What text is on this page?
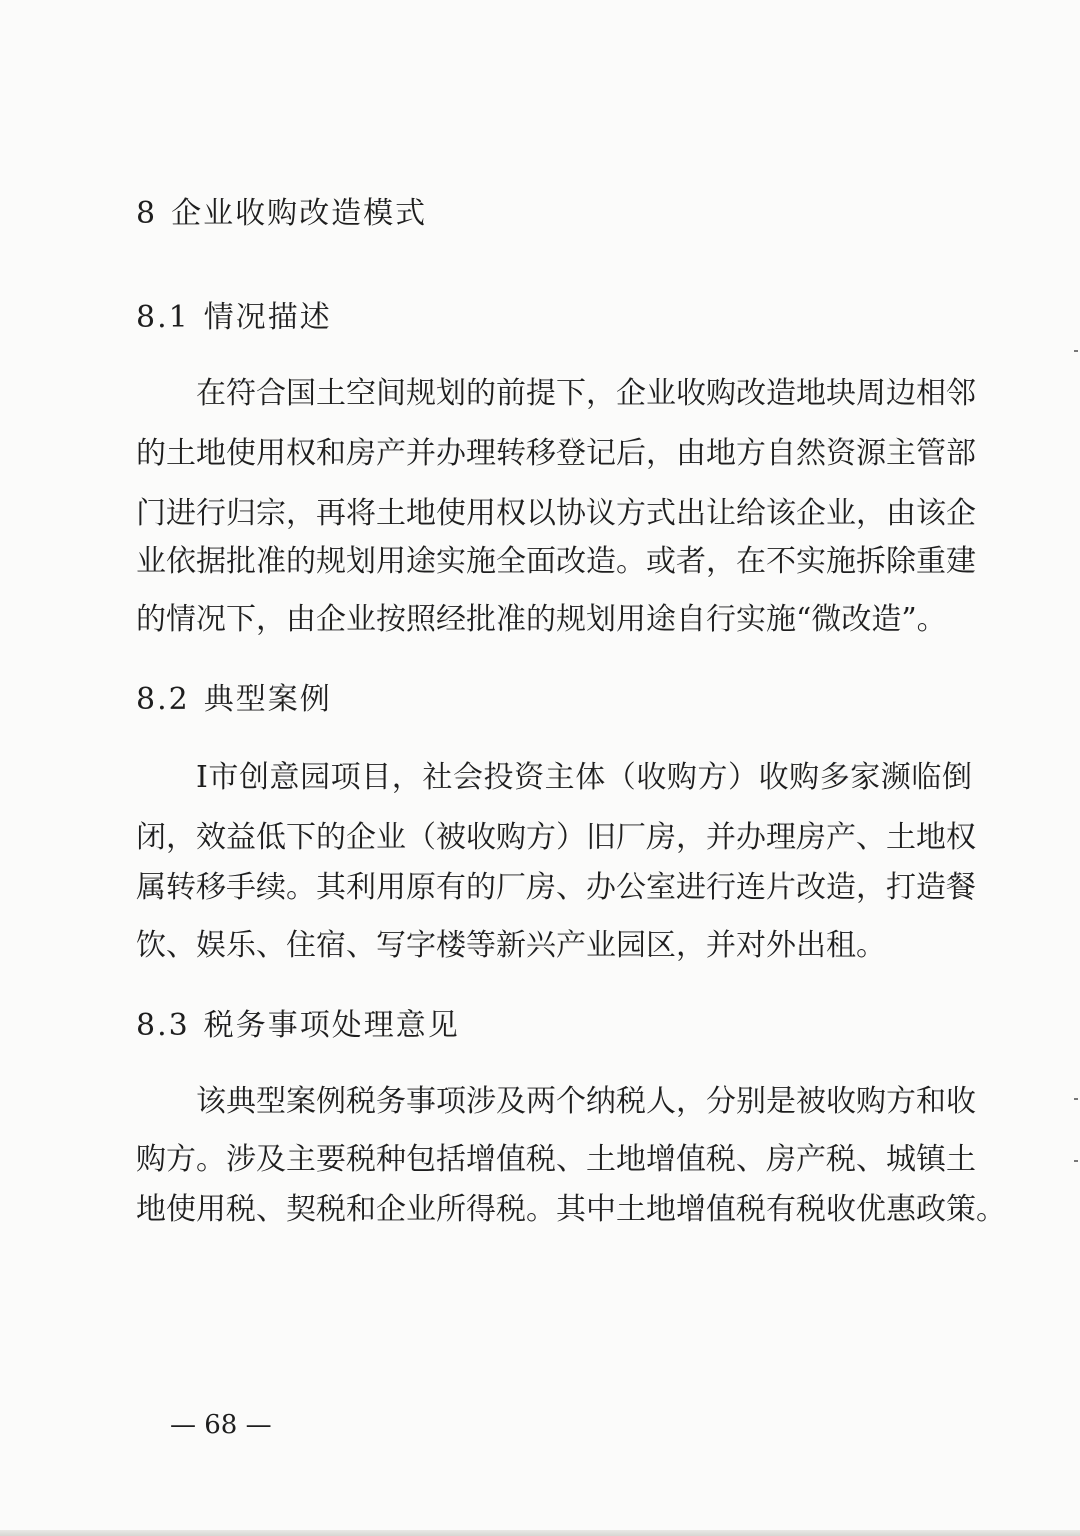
8 企业收购改造模式
8.1 情况描述
在符合国土空间规划的前提下，企业收购改造地块周边相邻
的土地使用权和房产并办理转移登记后，由地方自然资源主管部
门进行归宗，再将土地使用权以协议方式出让给该企业，由该企
业依据批准的规划用途实施全面改造。或者，在不实施拆除重建
的情况下，由企业按照经批准的规划用途自行实施“微改造”。
8.2 典型案例
I市创意园项目，社会投资主体（收购方）收购多家濒临倒
闭，效益低下的企业（被收购方）旧厂房，并办理房产、土地权
属转移手续。其利用原有的厂房、办公室进行连片改造，打造餐
饮、娱乐、住宿、写字楼等新兴产业园区，并对外出租。
8.3 税务事项处理意见
该典型案例税务事项涉及两个纳税人，分别是被收购方和收
购方。涉及主要税种包括增值税、土地增值税、房产税、城镇土
地使用税、契税和企业所得税。其中土地增值税有税收优惠政策。
— 68 —
